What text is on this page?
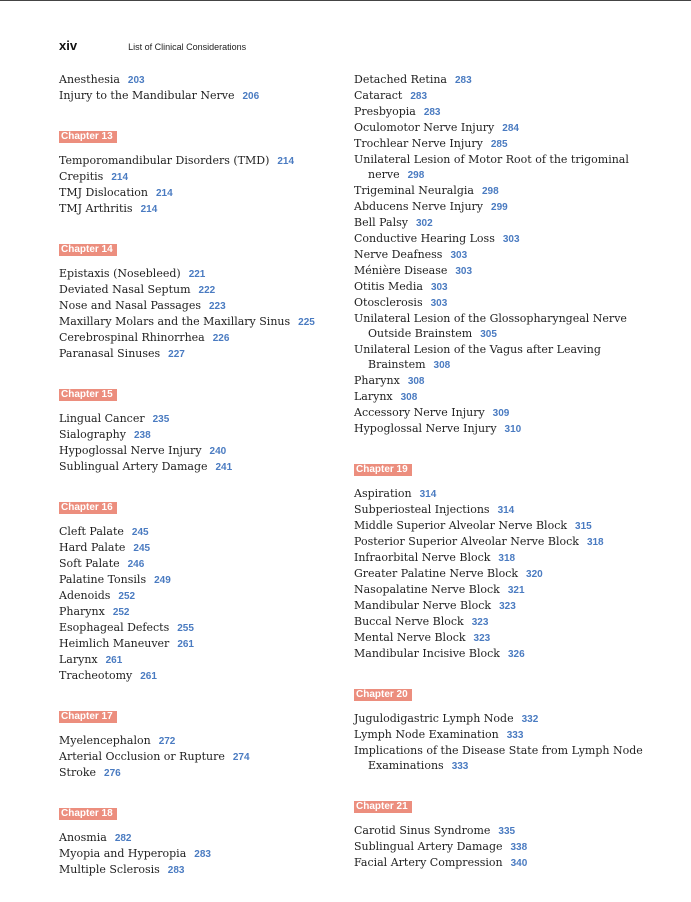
xiv	List of Clinical Considerations
Anesthesia 203
Injury to the Mandibular Nerve 206
Chapter 13
Temporomandibular Disorders (TMD) 214
Crepitis 214
TMJ Dislocation 214
TMJ Arthritis 214
Chapter 14
Epistaxis (Nosebleed) 221
Deviated Nasal Septum 222
Nose and Nasal Passages 223
Maxillary Molars and the Maxillary Sinus 225
Cerebrospinal Rhinorrhea 226
Paranasal Sinuses 227
Chapter 15
Lingual Cancer 235
Sialography 238
Hypoglossal Nerve Injury 240
Sublingual Artery Damage 241
Chapter 16
Cleft Palate 245
Hard Palate 245
Soft Palate 246
Palatine Tonsils 249
Adenoids 252
Pharynx 252
Esophageal Defects 255
Heimlich Maneuver 261
Larynx 261
Tracheotomy 261
Chapter 17
Myelencephalon 272
Arterial Occlusion or Rupture 274
Stroke 276
Chapter 18
Anosmia 282
Myopia and Hyperopia 283
Multiple Sclerosis 283
Detached Retina 283
Cataract 283
Presbyopia 283
Oculomotor Nerve Injury 284
Trochlear Nerve Injury 285
Unilateral Lesion of Motor Root of the trigominal nerve 298
Trigeminal Neuralgia 298
Abducens Nerve Injury 299
Bell Palsy 302
Conductive Hearing Loss 303
Nerve Deafness 303
Ménière Disease 303
Otitis Media 303
Otosclerosis 303
Unilateral Lesion of the Glossopharyngeal Nerve Outside Brainstem 305
Unilateral Lesion of the Vagus after Leaving Brainstem 308
Pharynx 308
Larynx 308
Accessory Nerve Injury 309
Hypoglossal Nerve Injury 310
Chapter 19
Aspiration 314
Subperiosteal Injections 314
Middle Superior Alveolar Nerve Block 315
Posterior Superior Alveolar Nerve Block 318
Infraorbital Nerve Block 318
Greater Palatine Nerve Block 320
Nasopalatine Nerve Block 321
Mandibular Nerve Block 323
Buccal Nerve Block 323
Mental Nerve Block 323
Mandibular Incisive Block 326
Chapter 20
Jugulodigastric Lymph Node 332
Lymph Node Examination 333
Implications of the Disease State from Lymph Node Examinations 333
Chapter 21
Carotid Sinus Syndrome 335
Sublingual Artery Damage 338
Facial Artery Compression 340
